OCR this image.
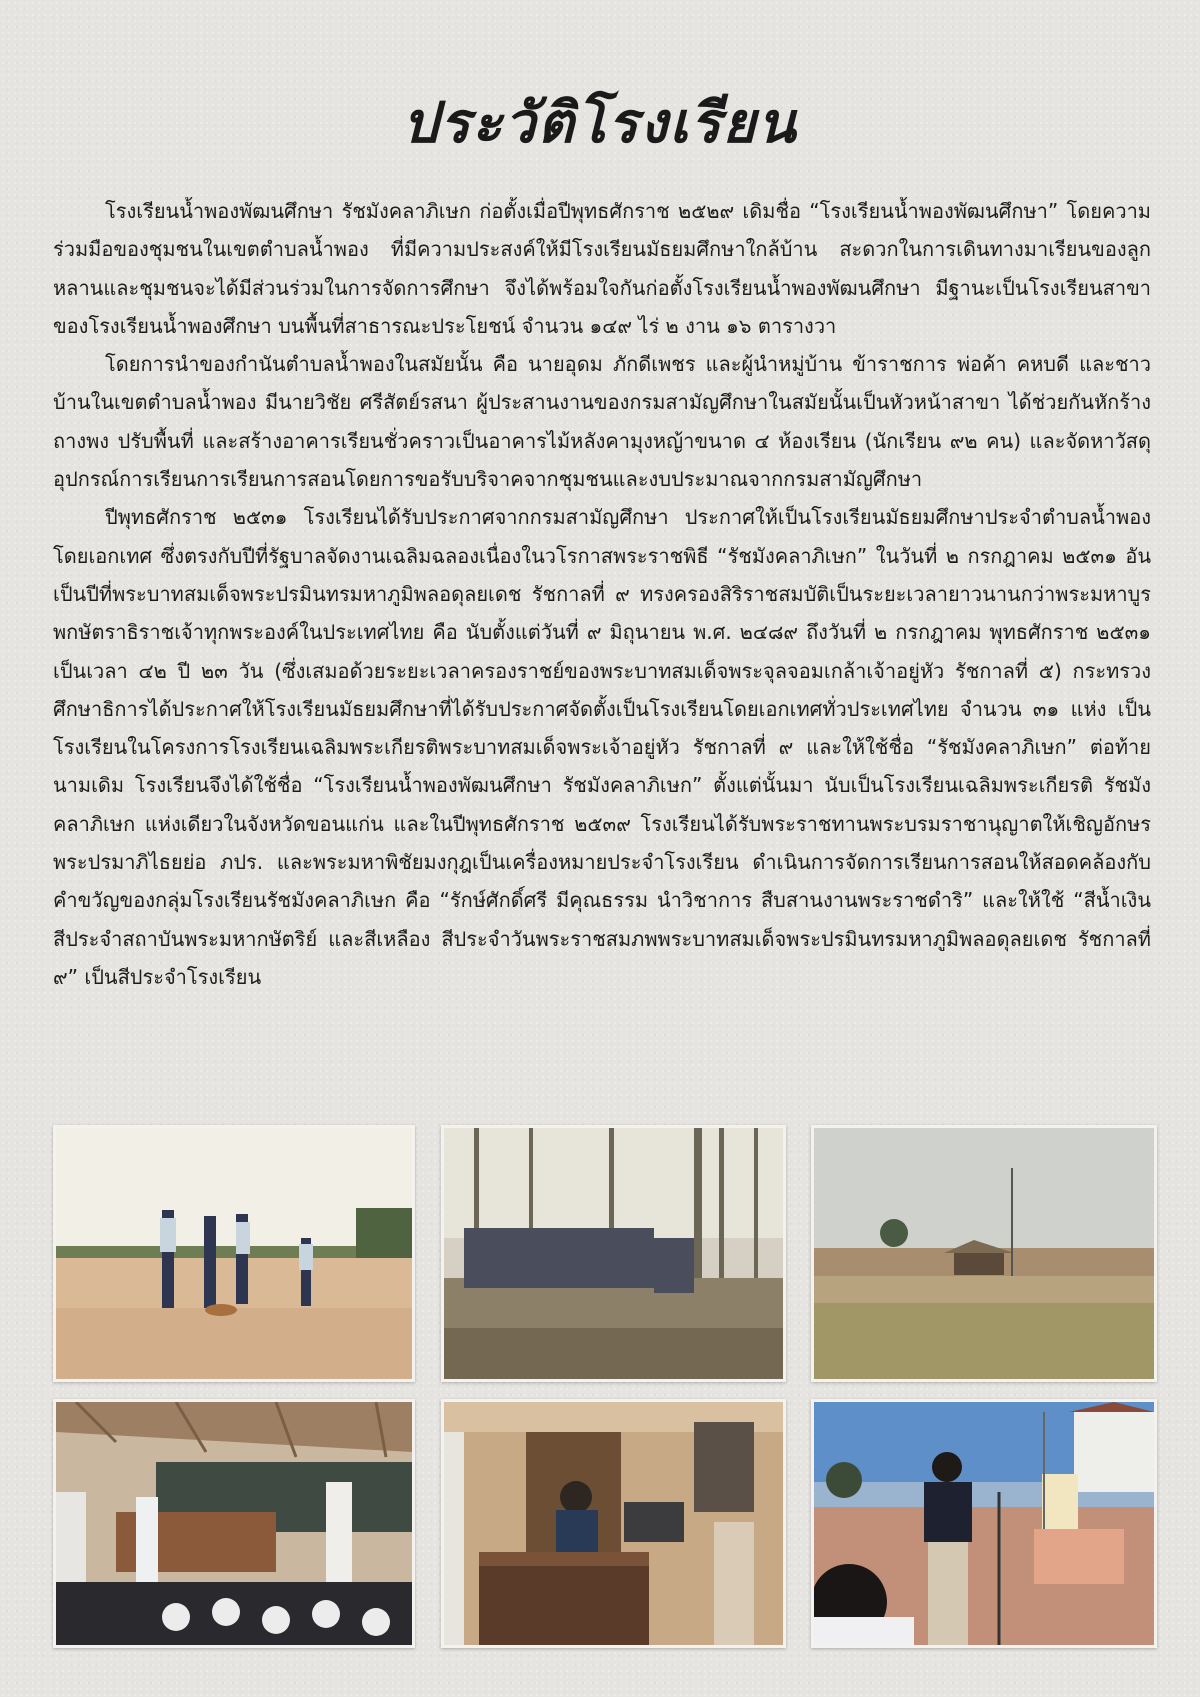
ประวัติโรงเรียน

โรงเรียนน้ำพองพัฒนศึกษา รัชมังคลาภิเษก ก่อตั้งเมื่อปีพุทธศักราช ๒๕๒๙ เดิมชื่อ “โรงเรียนน้ำพองพัฒนศึกษา” โดยความร่วมมือของชุมชนในเขตตำบลน้ำพอง ที่มีความประสงค์ให้มีโรงเรียนมัธยมศึกษาใกล้บ้าน สะดวกในการเดินทางมาเรียนของลูกหลานและชุมชนจะได้มีส่วนร่วมในการจัดการศึกษา จึงได้พร้อมใจกันก่อตั้งโรงเรียนน้ำพองพัฒนศึกษา มีฐานะเป็นโรงเรียนสาขาของโรงเรียนน้ำพองศึกษา บนพื้นที่สาธารณะประโยชน์ จำนวน ๑๔๙ ไร่ ๒ งาน ๑๖ ตารางวา

โดยการนำของกำนันตำบลน้ำพองในสมัยนั้น คือ นายอุดม ภักดีเพชร และผู้นำหมู่บ้าน ข้าราชการ พ่อค้า คหบดี และชาวบ้านในเขตตำบลน้ำพอง มีนายวิชัย ศรีสัตย์รสนา ผู้ประสานงานของกรมสามัญศึกษาในสมัยนั้นเป็นหัวหน้าสาขา ได้ช่วยกันหักร้างถางพง ปรับพื้นที่ และสร้างอาคารเรียนชั่วคราวเป็นอาคารไม้หลังคามุงหญ้าขนาด ๔ ห้องเรียน (นักเรียน ๙๒ คน) และจัดหาวัสดุอุปกรณ์การเรียนการเรียนการสอนโดยการขอรับบริจาคจากชุมชนและงบประมาณจากกรมสามัญศึกษา

ปีพุทธศักราช ๒๕๓๑ โรงเรียนได้รับประกาศจากกรมสามัญศึกษา ประกาศให้เป็นโรงเรียนมัธยมศึกษาประจำตำบลน้ำพองโดยเอกเทศ ซึ่งตรงกับปีที่รัฐบาลจัดงานเฉลิมฉลองเนื่องในวโรกาสพระราชพิธี “รัชมังคลาภิเษก” ในวันที่ ๒ กรกฎาคม ๒๕๓๑ อันเป็นปีที่พระบาทสมเด็จพระปรมินทรมหาภูมิพลอดุลยเดช รัชกาลที่ ๙ ทรงครองสิริราชสมบัติเป็นระยะเวลายาวนานกว่าพระมหาบูรพกษัตราธิราชเจ้าทุกพระองค์ในประเทศไทย คือ นับตั้งแต่วันที่ ๙ มิถุนายน พ.ศ. ๒๔๘๙ ถึงวันที่ ๒ กรกฎาคม พุทธศักราช ๒๕๓๑ เป็นเวลา ๔๒ ปี ๒๓ วัน (ซึ่งเสมอด้วยระยะเวลาครองราชย์ของพระบาทสมเด็จพระจุลจอมเกล้าเจ้าอยู่หัว รัชกาลที่ ๕) กระทรวงศึกษาธิการได้ประกาศให้โรงเรียนมัธยมศึกษาที่ได้รับประกาศจัดตั้งเป็นโรงเรียนโดยเอกเทศทั่วประเทศไทย จำนวน ๓๑ แห่ง เป็นโรงเรียนในโครงการโรงเรียนเฉลิมพระเกียรติพระบาทสมเด็จพระเจ้าอยู่หัว รัชกาลที่ ๙ และให้ใช้ชื่อ “รัชมังคลาภิเษก” ต่อท้ายนามเดิม โรงเรียนจึงได้ใช้ชื่อ “โรงเรียนน้ำพองพัฒนศึกษา รัชมังคลาภิเษก” ตั้งแต่นั้นมา นับเป็นโรงเรียนเฉลิมพระเกียรติ รัชมังคลาภิเษก แห่งเดียวในจังหวัดขอนแก่น และในปีพุทธศักราช ๒๕๓๙ โรงเรียนได้รับพระราชทานพระบรมราชานุญาตให้เชิญอักษรพระปรมาภิไธยย่อ ภปร. และพระมหาพิชัยมงกุฎเป็นเครื่องหมายประจำโรงเรียน ดำเนินการจัดการเรียนการสอนให้สอดคล้องกับคำขวัญของกลุ่มโรงเรียนรัชมังคลาภิเษก คือ “รักษ์ศักดิ์ศรี มีคุณธรรม นำวิชาการ สืบสานงานพระราชดำริ” และให้ใช้ “สีน้ำเงิน สีประจำสถาบันพระมหากษัตริย์ และสีเหลือง สีประจำวันพระราชสมภพพระบาทสมเด็จพระปรมินทรมหาภูมิพลอดุลยเดช รัชกาลที่ ๙” เป็นสีประจำโรงเรียน
